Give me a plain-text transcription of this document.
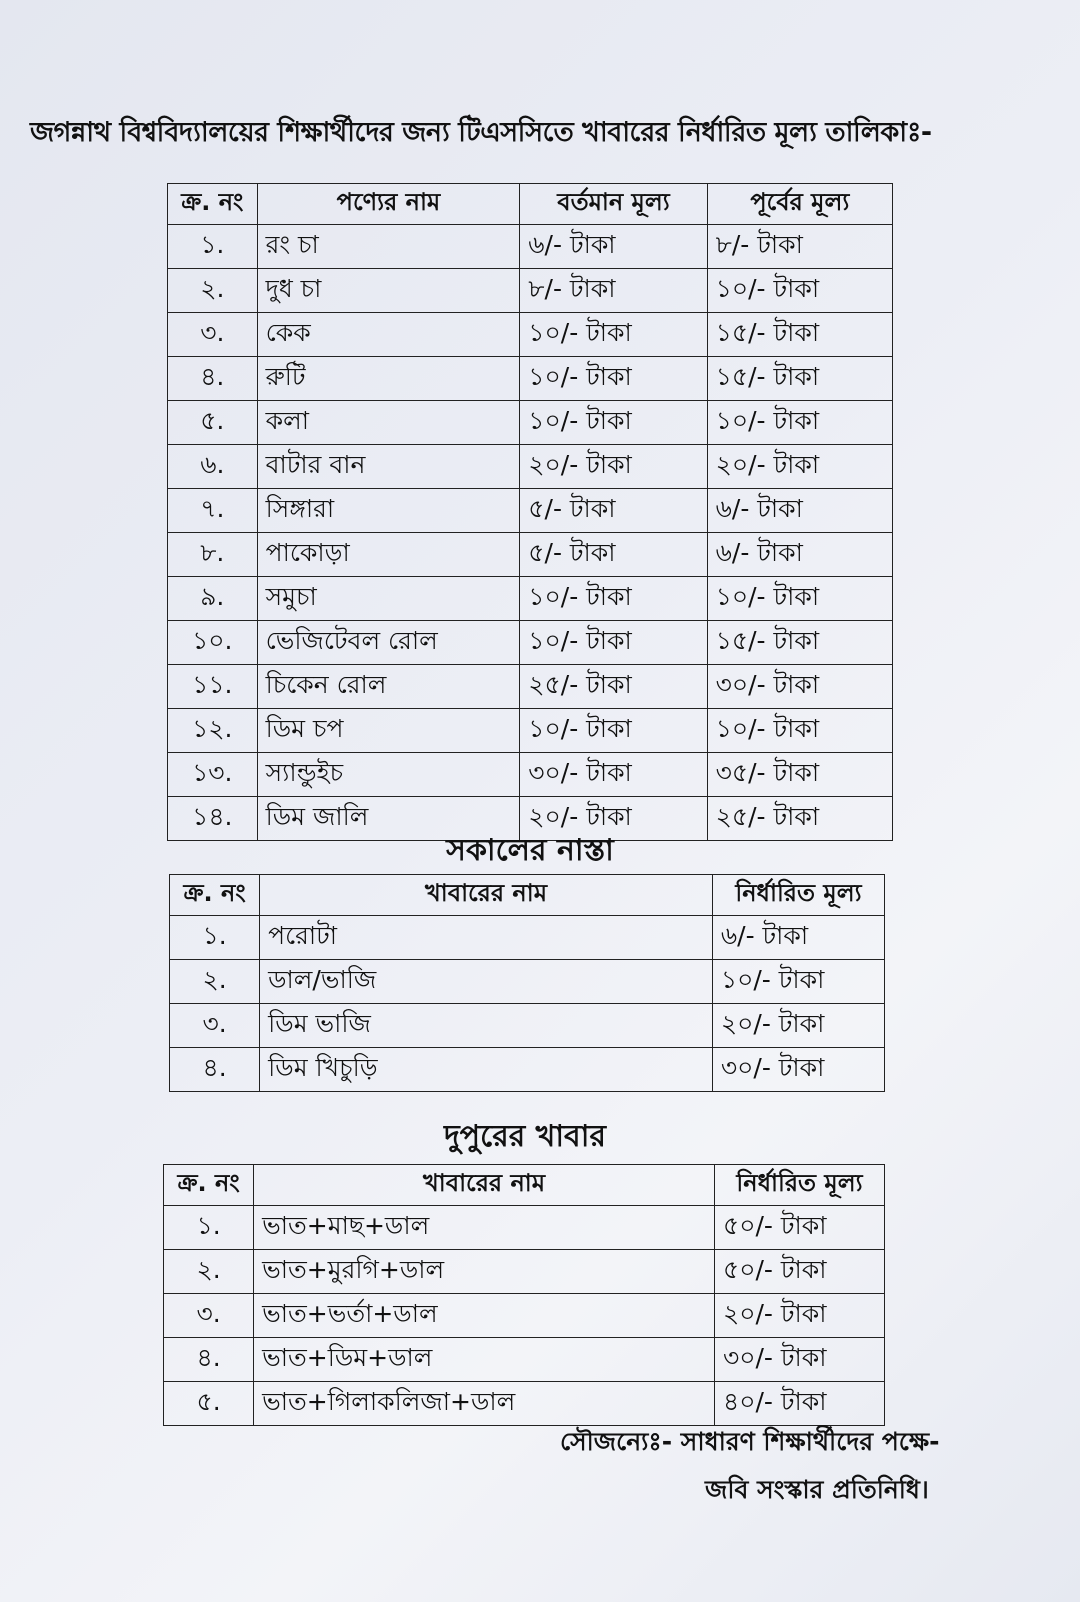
জগন্নাথ বিশ্ববিদ্যালয়ের শিক্ষার্থীদের জন্য টিএসসিতে খাবারের নির্ধারিত মূল্য তালিকাঃ-
ক্র. নং	পণ্যের নাম	বর্তমান মূল্য	পূর্বের মূল্য
১.	রং চা	৬/- টাকা	৮/- টাকা
২.	দুধ চা	৮/- টাকা	১০/- টাকা
৩.	কেক	১০/- টাকা	১৫/- টাকা
৪.	রুটি	১০/- টাকা	১৫/- টাকা
৫.	কলা	১০/- টাকা	১০/- টাকা
৬.	বাটার বান	২০/- টাকা	২০/- টাকা
৭.	সিঙ্গারা	৫/- টাকা	৬/- টাকা
৮.	পাকোড়া	৫/- টাকা	৬/- টাকা
৯.	সমুচা	১০/- টাকা	১০/- টাকা
১০.	ভেজিটেবল রোল	১০/- টাকা	১৫/- টাকা
১১.	চিকেন রোল	২৫/- টাকা	৩০/- টাকা
১২.	ডিম চপ	১০/- টাকা	১০/- টাকা
১৩.	স্যান্ডুইচ	৩০/- টাকা	৩৫/- টাকা
১৪.	ডিম জালি	২০/- টাকা	২৫/- টাকা
সকালের নাস্তা
ক্র. নং	খাবারের নাম	নির্ধারিত মূল্য
১.	পরোটা	৬/- টাকা
২.	ডাল/ভাজি	১০/- টাকা
৩.	ডিম ভাজি	২০/- টাকা
৪.	ডিম খিচুড়ি	৩০/- টাকা
দুপুরের খাবার
ক্র. নং	খাবারের নাম	নির্ধারিত মূল্য
১.	ভাত+মাছ+ডাল	৫০/- টাকা
২.	ভাত+মুরগি+ডাল	৫০/- টাকা
৩.	ভাত+ভর্তা+ডাল	২০/- টাকা
৪.	ভাত+ডিম+ডাল	৩০/- টাকা
৫.	ভাত+গিলাকলিজা+ডাল	৪০/- টাকা
সৌজন্যেঃ- সাধারণ শিক্ষার্থীদের পক্ষে-
জবি সংস্কার প্রতিনিধি।
